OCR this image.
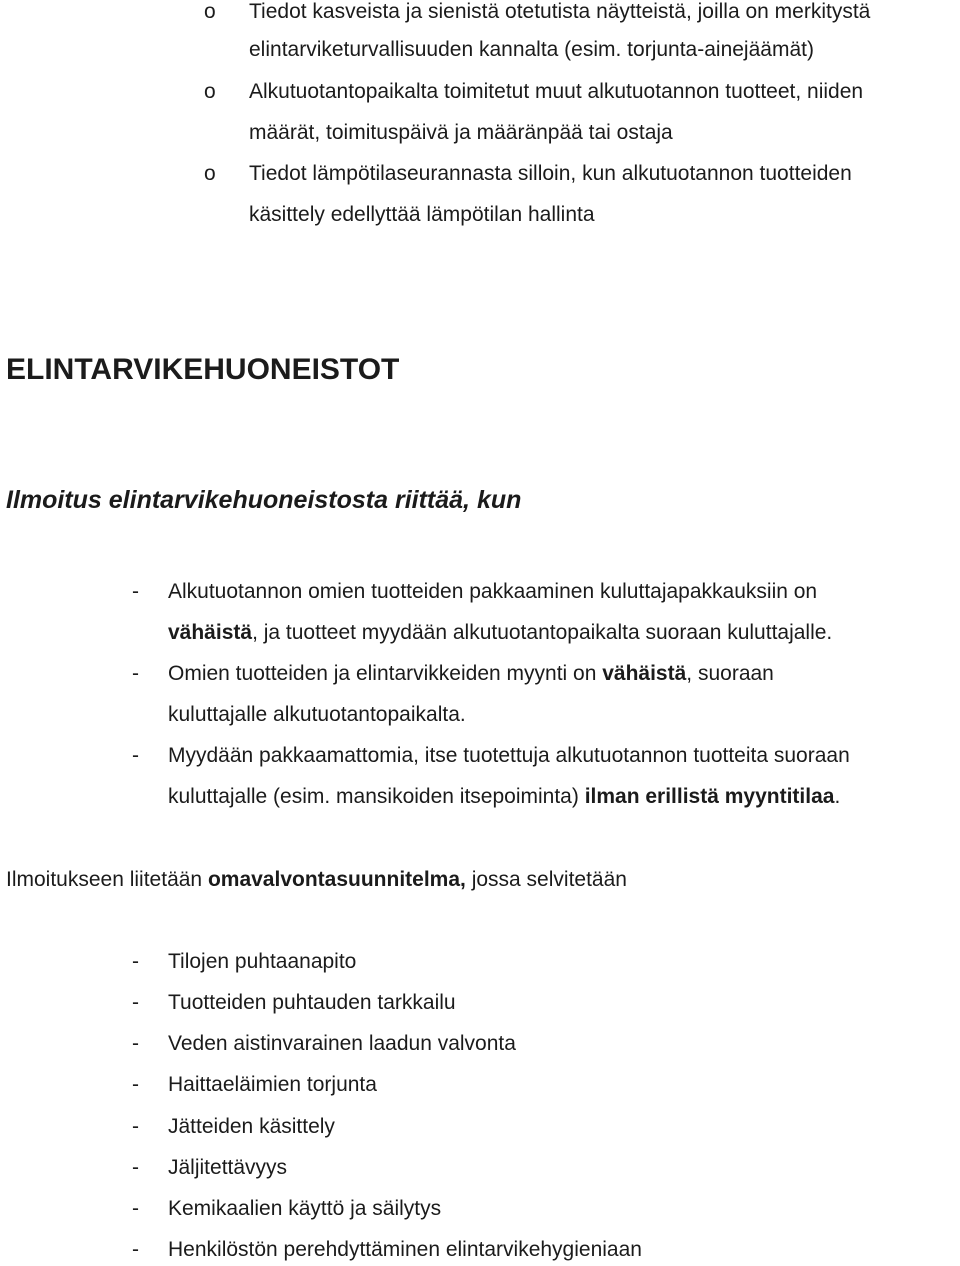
o Tiedot kasveista ja sienistä otetutista näytteistä, joilla on merkitystä
elintarviketurvallisuuden kannalta (esim. torjunta-ainejäämät)
o Alkutuotantopaikalta toimitetut muut alkutuotannon tuotteet, niiden
määrät, toimituspäivä ja määränpää tai ostaja
o Tiedot lämpötilaseurannasta silloin, kun alkutuotannon tuotteiden
käsittely edellyttää lämpötilan hallinta
ELINTARVIKEHUONEISTOT
Ilmoitus elintarvikehuoneistosta riittää, kun
- Alkutuotannon omien tuotteiden pakkaaminen kuluttajapakkauksiin on
vähäistä, ja tuotteet myydään alkutuotantopaikalta suoraan kuluttajalle.
- Omien tuotteiden ja elintarvikkeiden myynti on vähäistä, suoraan
kuluttajalle alkutuotantopaikalta.
- Myydään pakkaamattomia, itse tuotettuja alkutuotannon tuotteita suoraan
kuluttajalle (esim. mansikoiden itsepoiminta) ilman erillistä myyntitilaa.
Ilmoitukseen liitetään omavalvontasuunnitelma, jossa selvitetään
- Tilojen puhtaanapito
- Tuotteiden puhtauden tarkkailu
- Veden aistinvarainen laadun valvonta
- Haittaeläimien torjunta
- Jätteiden käsittely
- Jäljitettävyys
- Kemikaalien käyttö ja säilytys
- Henkilöstön perehdyttäminen elintarvikehygieniaan
